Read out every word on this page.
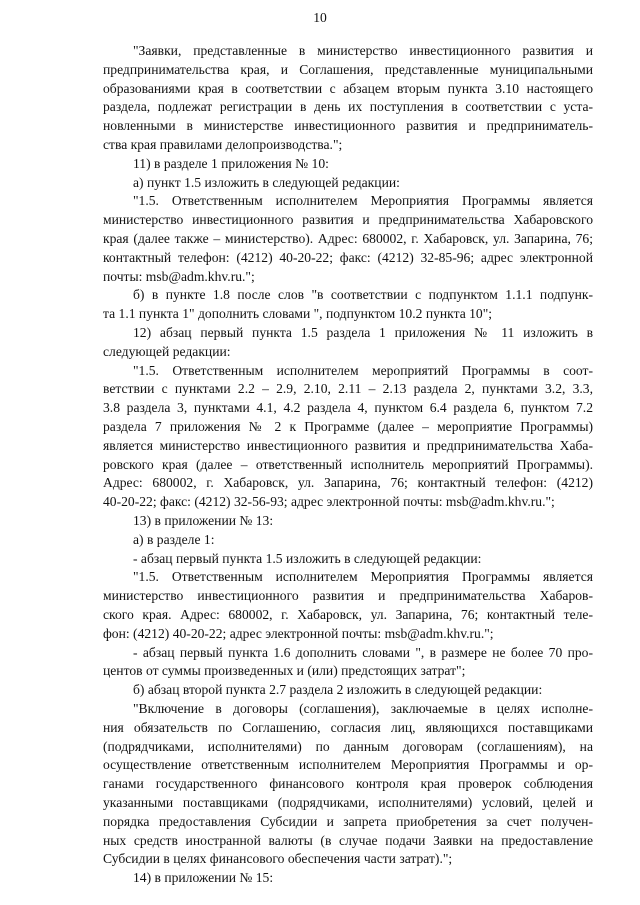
10
"Заявки, представленные в министерство инвестиционного развития и
предпринимательства края, и Соглашения, представленные муниципальными
образованиями края в соответствии с абзацем вторым пункта 3.10 настоящего
раздела, подлежат регистрации в день их поступления в соответствии с уста-
новленными в министерстве инвестиционного развития и предприниматель-
ства края правилами делопроизводства.";
11) в разделе 1 приложения № 10:
а) пункт 1.5 изложить в следующей редакции:
"1.5. Ответственным исполнителем Мероприятия Программы является
министерство инвестиционного развития и предпринимательства Хабаровского
края (далее также – министерство). Адрес: 680002, г. Хабаровск, ул. Запарина, 76;
контактный телефон: (4212) 40-20-22; факс: (4212) 32-85-96; адрес электронной
почты: msb@adm.khv.ru.";
б) в пункте 1.8 после слов "в соответствии с подпунктом 1.1.1 подпунк-
та 1.1 пункта 1" дополнить словами ", подпунктом 10.2 пункта 10";
12) абзац первый пункта 1.5 раздела 1 приложения № 11 изложить в
следующей редакции:
"1.5. Ответственным исполнителем мероприятий Программы в соот-
ветствии с пунктами 2.2 – 2.9, 2.10, 2.11 – 2.13 раздела 2, пунктами 3.2, 3.3,
3.8 раздела 3, пунктами 4.1, 4.2 раздела 4, пунктом 6.4 раздела 6, пунктом 7.2
раздела 7 приложения № 2 к Программе (далее – мероприятие Программы)
является министерство инвестиционного развития и предпринимательства Хаба-
ровского края (далее – ответственный исполнитель мероприятий Программы).
Адрес: 680002, г. Хабаровск, ул. Запарина, 76; контактный телефон: (4212)
40-20-22; факс: (4212) 32-56-93; адрес электронной почты: msb@adm.khv.ru.";
13) в приложении № 13:
а) в разделе 1:
- абзац первый пункта 1.5 изложить в следующей редакции:
"1.5. Ответственным исполнителем Мероприятия Программы является
министерство инвестиционного развития и предпринимательства Хабаров-
ского края. Адрес: 680002, г. Хабаровск, ул. Запарина, 76; контактный теле-
фон: (4212) 40-20-22; адрес электронной почты: msb@adm.khv.ru.";
- абзац первый пункта 1.6 дополнить словами ", в размере не более 70 про-
центов от суммы произведенных и (или) предстоящих затрат";
б) абзац второй пункта 2.7 раздела 2 изложить в следующей редакции:
"Включение в договоры (соглашения), заключаемые в целях исполне-
ния обязательств по Соглашению, согласия лиц, являющихся поставщиками
(подрядчиками, исполнителями) по данным договорам (соглашениям), на
осуществление ответственным исполнителем Мероприятия Программы и ор-
ганами государственного финансового контроля края проверок соблюдения
указанными поставщиками (подрядчиками, исполнителями) условий, целей и
порядка предоставления Субсидии и запрета приобретения за счет получен-
ных средств иностранной валюты (в случае подачи Заявки на предоставление
Субсидии в целях финансового обеспечения части затрат).";
14) в приложении № 15:
